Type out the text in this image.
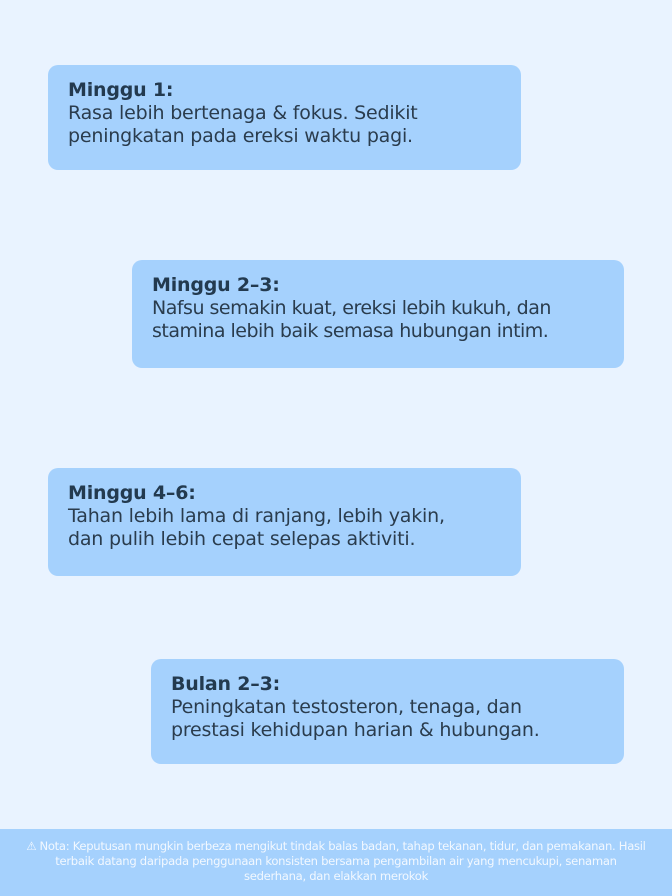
Minggu 1:
Rasa lebih bertenaga & fokus. Sedikit
peningkatan pada ereksi waktu pagi.
Minggu 2–3:
Nafsu semakin kuat, ereksi lebih kukuh, dan
stamina lebih baik semasa hubungan intim.
Minggu 4–6:
Tahan lebih lama di ranjang, lebih yakin,
dan pulih lebih cepat selepas aktiviti.
Bulan 2–3:
Peningkatan testosteron, tenaga, dan
prestasi kehidupan harian & hubungan.
⚠ Nota: Keputusan mungkin berbeza mengikut tindak balas badan, tahap tekanan, tidur, dan pemakanan. Hasil terbaik datang daripada penggunaan konsisten bersama pengambilan air yang mencukupi, senaman sederhana, dan elakkan merokok
